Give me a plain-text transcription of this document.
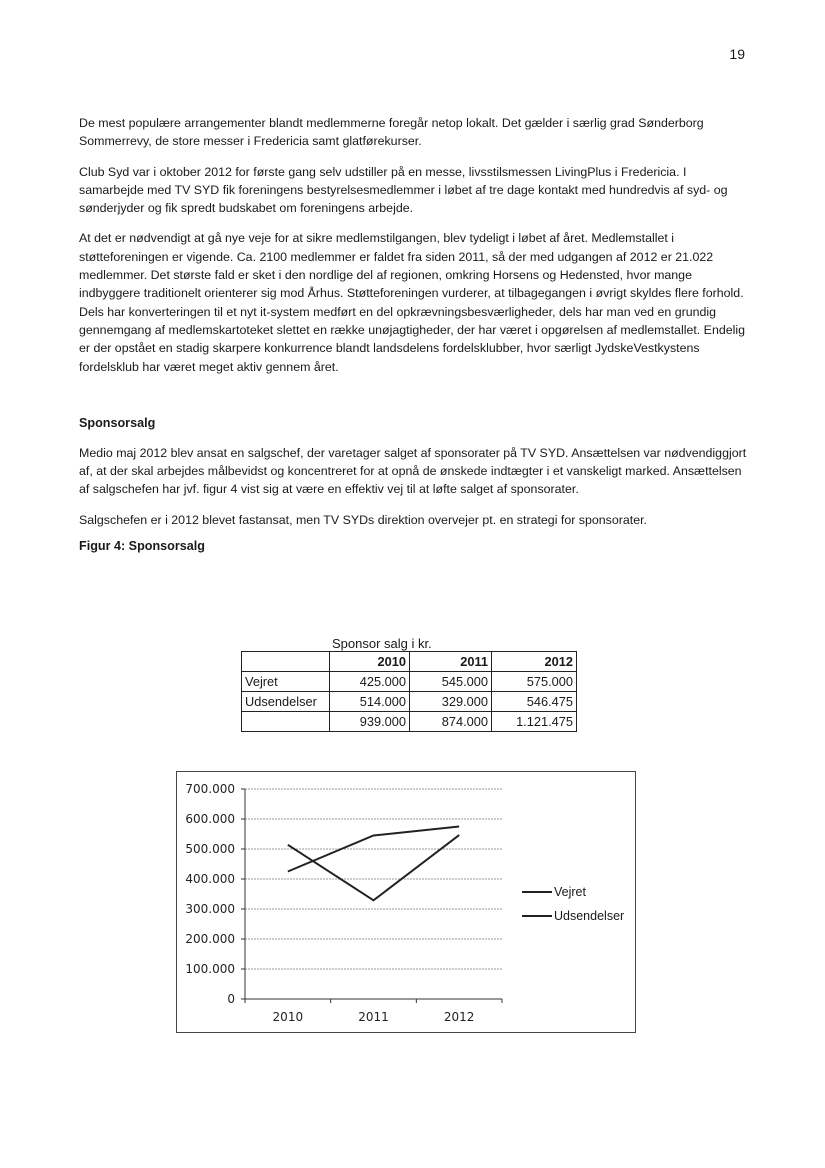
19

De mest populære arrangementer blandt medlemmerne foregår netop lokalt. Det gælder i særlig grad Sønderborg Sommerrevy, de store messer i Fredericia samt glatførekurser.

Club Syd var i oktober 2012 for første gang selv udstiller på en messe, livsstilsmessen LivingPlus i Fredericia. I samarbejde med TV SYD fik foreningens bestyrelsesmedlemmer i løbet af tre dage kontakt med hundredvis af syd- og sønderjyder og fik spredt budskabet om foreningens arbejde.

At det er nødvendigt at gå nye veje for at sikre medlemstilgangen, blev tydeligt i løbet af året. Medlemstallet i støtteforeningen er vigende. Ca. 2100 medlemmer er faldet fra siden 2011, så der med udgangen af 2012 er 21.022 medlemmer. Det største fald er sket i den nordlige del af regionen, omkring Horsens og Hedensted, hvor mange indbyggere traditionelt orienterer sig mod Århus. Støtteforeningen vurderer, at tilbagegangen i øvrigt skyldes flere forhold. Dels har konverteringen til et nyt it-system medført en del opkrævningsbesværligheder, dels har man ved en grundig gennemgang af medlemskartoteket slettet en række unøjagtigheder, der har været i opgørelsen af medlemstallet. Endelig er der opstået en stadig skarpere konkurrence blandt landsdelens fordelsklubber, hvor særligt JydskeVestkystens fordelsklub har været meget aktiv gennem året.

Sponsorsalg

Medio maj 2012 blev ansat en salgschef, der varetager salget af sponsorater på TV SYD. Ansættelsen var nødvendiggjort af, at der skal arbejdes målbevidst og koncentreret for at opnå de ønskede indtægter i et vanskeligt marked. Ansættelsen af salgschefen har jvf. figur 4 vist sig at være en effektiv vej til at løfte salget af sponsorater.

Salgschefen er i 2012 blevet fastansat, men TV SYDs direktion overvejer pt. en strategi for sponsorater.

Figur 4: Sponsorsalg
Sponsor salg i kr.
	2010	2011	2012
Vejret	425.000	545.000	575.000
Udsendelser	514.000	329.000	546.475
	939.000	874.000	1.121.475
0
100.000
200.000
300.000
400.000
500.000
600.000
700.000
2010	2011	2012
Vejret
Udsendelser
